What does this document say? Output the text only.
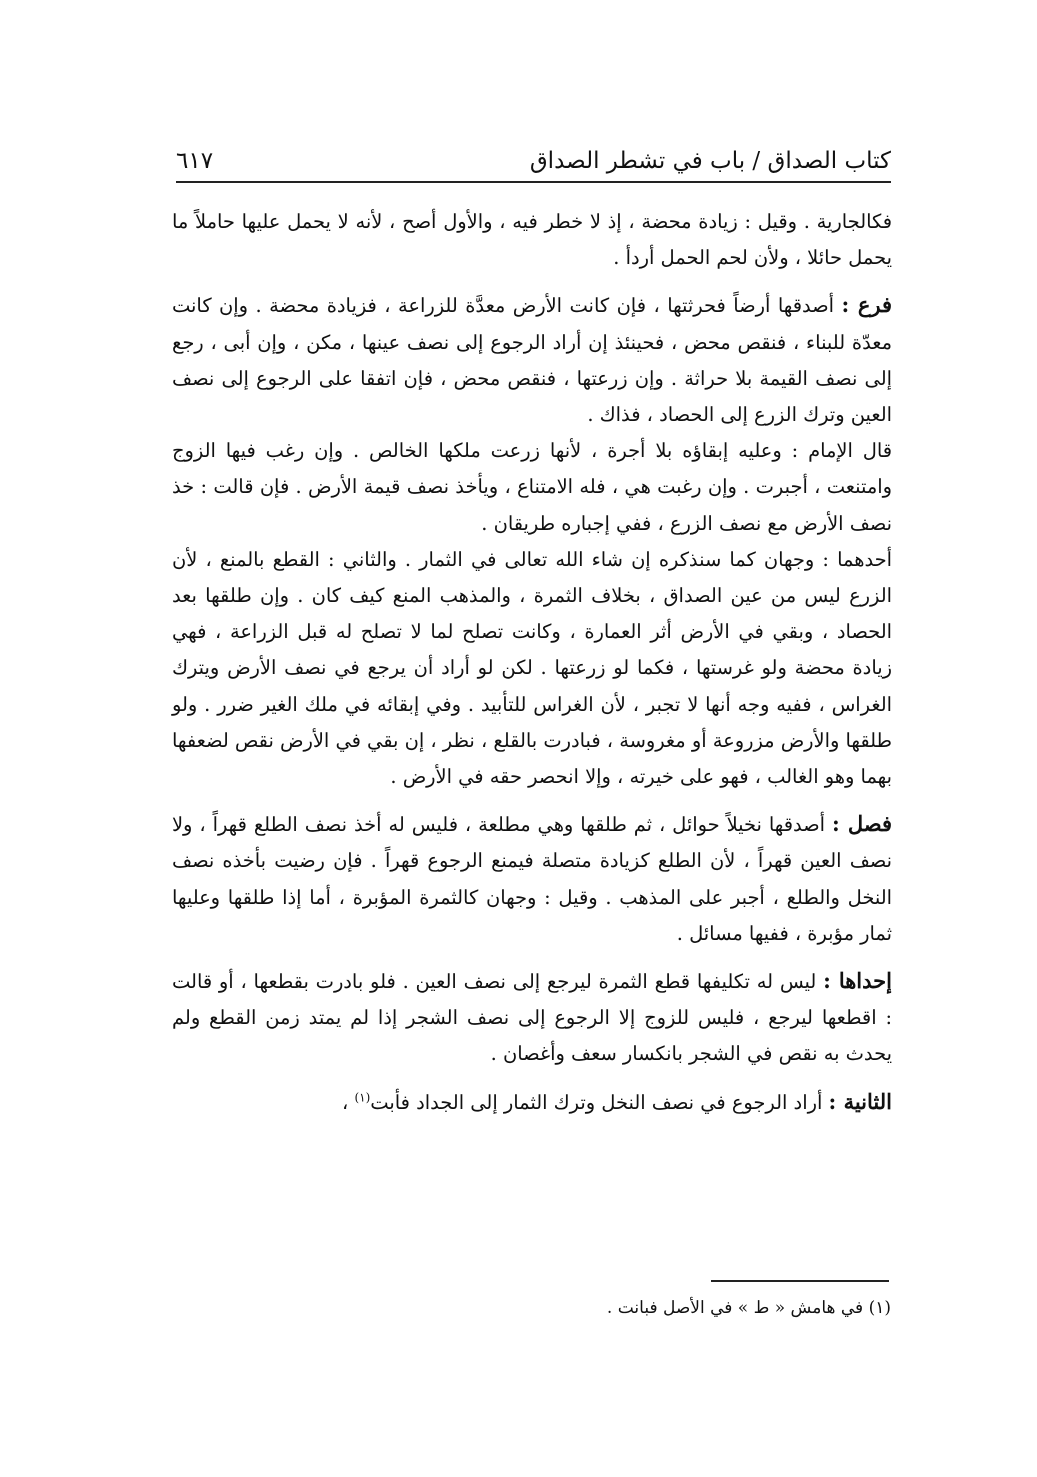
كتاب الصداق / باب في تشطر الصداق
٦١٧

فكالجارية . وقيل : زيادة محضة ، إذ لا خطر فيه ، والأول أصح ، لأنه لا يحمل عليها حاملاً ما يحمل حائلا ، ولأن لحم الحمل أردأ .

فرع : أصدقها أرضاً فحرثتها ، فإن كانت الأرض معدَّة للزراعة ، فزيادة محضة . وإن كانت معدّة للبناء ، فنقص محض ، فحينئذ إن أراد الرجوع إلى نصف عينها ، مكن ، وإن أبى ، رجع إلى نصف القيمة بلا حراثة . وإن زرعتها ، فنقص محض ، فإن اتفقا على الرجوع إلى نصف العين وترك الزرع إلى الحصاد ، فذاك .

قال الإمام : وعليه إبقاؤه بلا أجرة ، لأنها زرعت ملكها الخالص . وإن رغب فيها الزوج وامتنعت ، أجبرت . وإن رغبت هي ، فله الامتناع ، ويأخذ نصف قيمة الأرض . فإن قالت : خذ نصف الأرض مع نصف الزرع ، ففي إجباره طريقان .

أحدهما : وجهان كما سنذكره إن شاء الله تعالى في الثمار . والثاني : القطع بالمنع ، لأن الزرع ليس من عين الصداق ، بخلاف الثمرة ، والمذهب المنع كيف كان . وإن طلقها بعد الحصاد ، وبقي في الأرض أثر العمارة ، وكانت تصلح لما لا تصلح له قبل الزراعة ، فهي زيادة محضة ولو غرستها ، فكما لو زرعتها . لكن لو أراد أن يرجع في نصف الأرض ويترك الغراس ، ففيه وجه أنها لا تجبر ، لأن الغراس للتأبيد . وفي إبقائه في ملك الغير ضرر . ولو طلقها والأرض مزروعة أو مغروسة ، فبادرت بالقلع ، نظر ، إن بقي في الأرض نقص لضعفها بهما وهو الغالب ، فهو على خيرته ، وإلا انحصر حقه في الأرض .

فصل : أصدقها نخيلاً حوائل ، ثم طلقها وهي مطلعة ، فليس له أخذ نصف الطلع قهراً ، ولا نصف العين قهراً ، لأن الطلع كزيادة متصلة فيمنع الرجوع قهراً . فإن رضيت بأخذه نصف النخل والطلع ، أجبر على المذهب . وقيل : وجهان كالثمرة المؤبرة ، أما إذا طلقها وعليها ثمار مؤبرة ، ففيها مسائل .

إحداها : ليس له تكليفها قطع الثمرة ليرجع إلى نصف العين . فلو بادرت بقطعها ، أو قالت : اقطعها ليرجع ، فليس للزوج إلا الرجوع إلى نصف الشجر إذا لم يمتد زمن القطع ولم يحدث به نقص في الشجر بانكسار سعف وأغصان .

الثانية : أراد الرجوع في نصف النخل وترك الثمار إلى الجداد فأبت$^{(١)}$ ،

(١) في هامش « ط » في الأصل فبانت .
